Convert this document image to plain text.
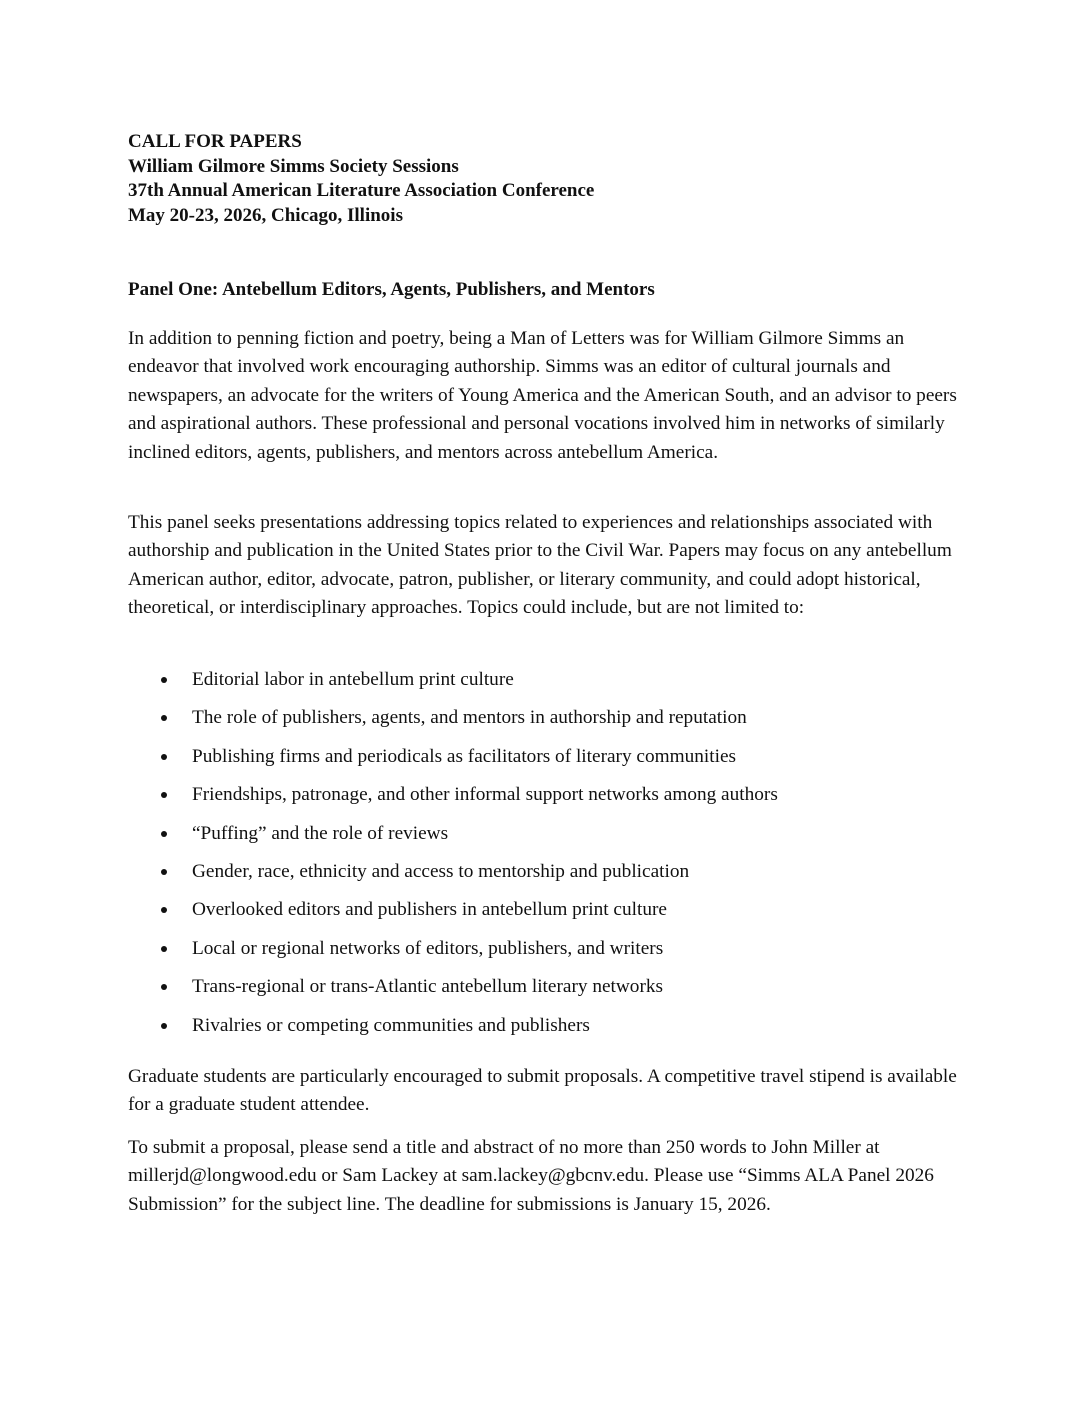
CALL FOR PAPERS
William Gilmore Simms Society Sessions
37th Annual American Literature Association Conference
May 20-23, 2026, Chicago, Illinois
Panel One: Antebellum Editors, Agents, Publishers, and Mentors

In addition to penning fiction and poetry, being a Man of Letters was for William Gilmore Simms an endeavor that involved work encouraging authorship. Simms was an editor of cultural journals and newspapers, an advocate for the writers of Young America and the American South, and an advisor to peers and aspirational authors. These professional and personal vocations involved him in networks of similarly inclined editors, agents, publishers, and mentors across antebellum America.

This panel seeks presentations addressing topics related to experiences and relationships associated with authorship and publication in the United States prior to the Civil War. Papers may focus on any antebellum American author, editor, advocate, patron, publisher, or literary community, and could adopt historical, theoretical, or interdisciplinary approaches. Topics could include, but are not limited to:

Editorial labor in antebellum print culture
The role of publishers, agents, and mentors in authorship and reputation
Publishing firms and periodicals as facilitators of literary communities
Friendships, patronage, and other informal support networks among authors
“Puffing” and the role of reviews
Gender, race, ethnicity and access to mentorship and publication
Overlooked editors and publishers in antebellum print culture
Local or regional networks of editors, publishers, and writers
Trans-regional or trans-Atlantic antebellum literary networks
Rivalries or competing communities and publishers

Graduate students are particularly encouraged to submit proposals. A competitive travel stipend is available for a graduate student attendee.

To submit a proposal, please send a title and abstract of no more than 250 words to John Miller at millerjd@longwood.edu or Sam Lackey at sam.lackey@gbcnv.edu. Please use “Simms ALA Panel 2026 Submission” for the subject line. The deadline for submissions is January 15, 2026.
